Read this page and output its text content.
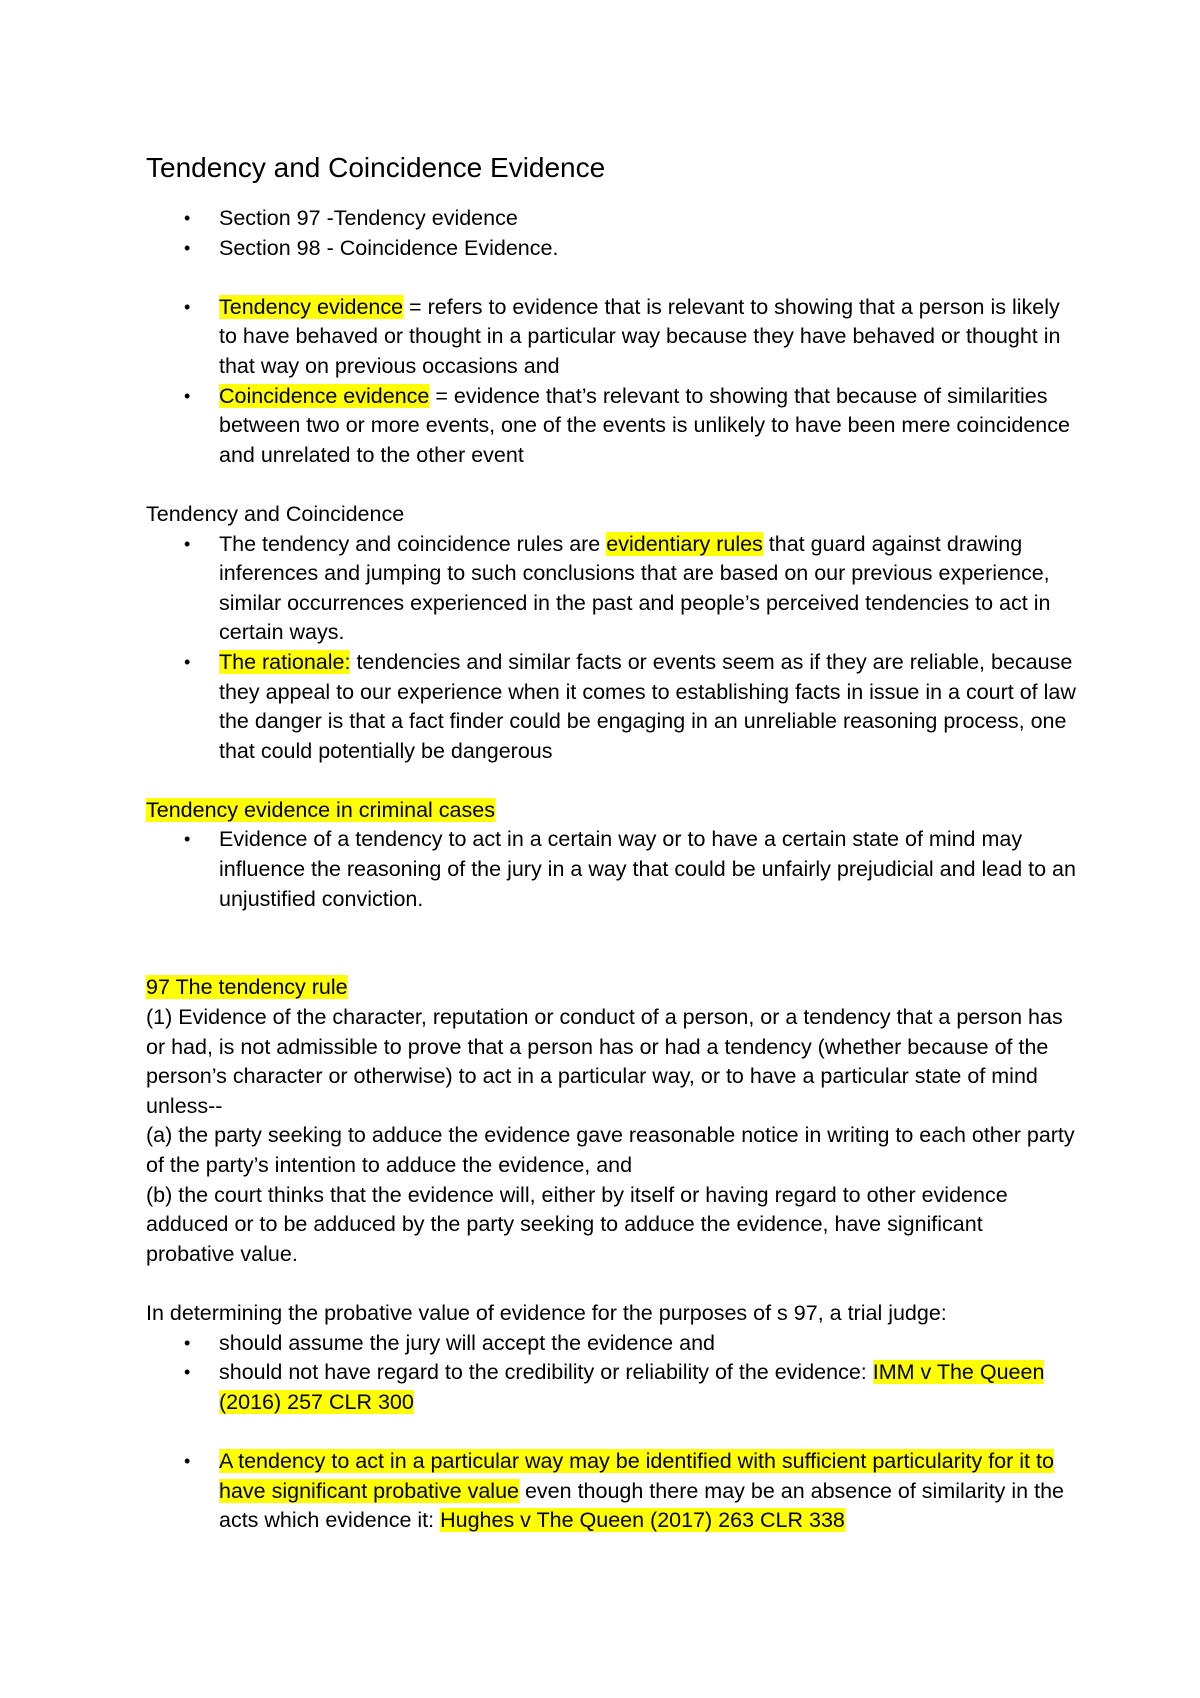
Tendency and Coincidence Evidence
• Section 97 -Tendency evidence
• Section 98 - Coincidence Evidence.
• Tendency evidence = refers to evidence that is relevant to showing that a person is likely to have behaved or thought in a particular way because they have behaved or thought in that way on previous occasions and
• Coincidence evidence = evidence that’s relevant to showing that because of similarities between two or more events, one of the events is unlikely to have been mere coincidence and unrelated to the other event

Tendency and Coincidence

• The tendency and coincidence rules are evidentiary rules that guard against drawing inferences and jumping to such conclusions that are based on our previous experience, similar occurrences experienced in the past and people’s perceived tendencies to act in certain ways.
• The rationale: tendencies and similar facts or events seem as if they are reliable, because they appeal to our experience when it comes to establishing facts in issue in a court of law the danger is that a fact finder could be engaging in an unreliable reasoning process, one that could potentially be dangerous

Tendency evidence in criminal cases

• Evidence of a tendency to act in a certain way or to have a certain state of mind may influence the reasoning of the jury in a way that could be unfairly prejudicial and lead to an unjustified conviction.

97 The tendency rule

(1) Evidence of the character, reputation or conduct of a person, or a tendency that a person has or had, is not admissible to prove that a person has or had a tendency (whether because of the person’s character or otherwise) to act in a particular way, or to have a particular state of mind unless--

(a) the party seeking to adduce the evidence gave reasonable notice in writing to each other party of the party’s intention to adduce the evidence, and

(b) the court thinks that the evidence will, either by itself or having regard to other evidence adduced or to be adduced by the party seeking to adduce the evidence, have significant probative value.

In determining the probative value of evidence for the purposes of s 97, a trial judge:

• should assume the jury will accept the evidence and
• should not have regard to the credibility or reliability of the evidence: IMM v The Queen (2016) 257 CLR 300
• A tendency to act in a particular way may be identified with sufficient particularity for it to have significant probative value even though there may be an absence of similarity in the acts which evidence it: Hughes v The Queen (2017) 263 CLR 338
